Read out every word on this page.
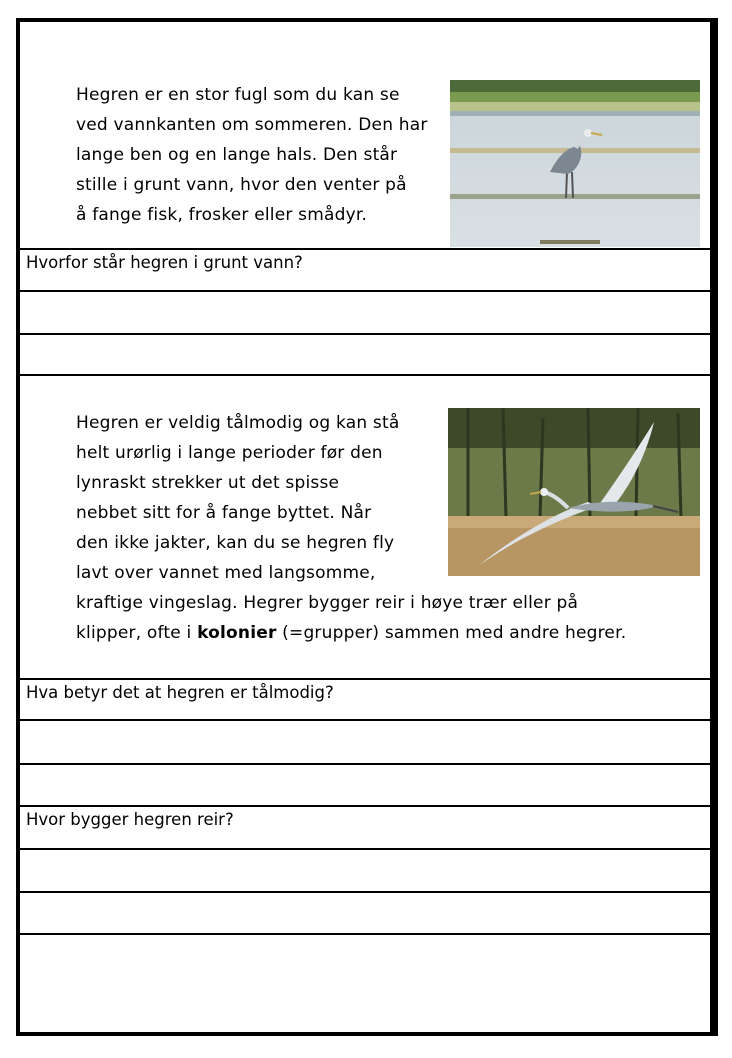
Hegren er en stor fugl som du kan se

ved vannkanten om sommeren. Den har

lange ben og en lange hals. Den står

stille i grunt vann, hvor den venter på

å fange fisk, frosker eller smådyr.

Hvorfor står hegren i grunt vann?

Hegren er veldig tålmodig og kan stå

helt urørlig i lange perioder før den

lynraskt strekker ut det spisse

nebbet sitt for å fange byttet. Når

den ikke jakter, kan du se hegren fly

lavt over vannet med langsomme,

kraftige vingeslag. Hegrer bygger reir i høye trær eller på

klipper, ofte i kolonier (=grupper) sammen med andre hegrer.

Hva betyr det at hegren er tålmodig?
Hvor bygger hegren reir?
